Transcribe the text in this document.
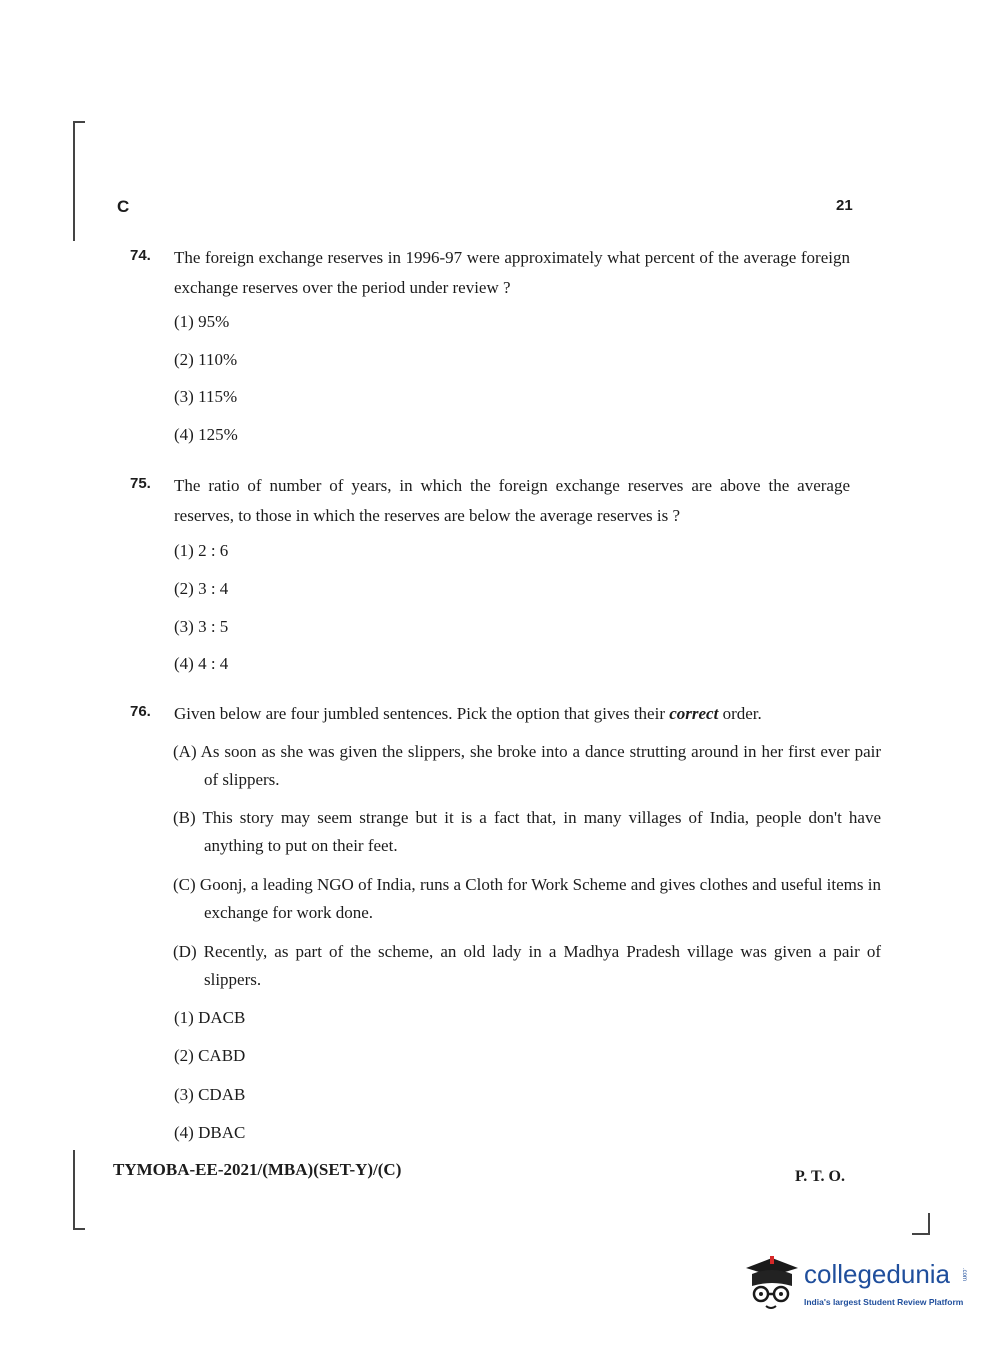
C	21
74. The foreign exchange reserves in 1996-97 were approximately what percent of the average foreign exchange reserves over the period under review ?
(1) 95%
(2) 110%
(3) 115%
(4) 125%
75. The ratio of number of years, in which the foreign exchange reserves are above the average reserves, to those in which the reserves are below the average reserves is ?
(1) 2 : 6
(2) 3 : 4
(3) 3 : 5
(4) 4 : 4
76. Given below are four jumbled sentences. Pick the option that gives their correct order.
(A) As soon as she was given the slippers, she broke into a dance strutting around in her first ever pair of slippers.
(B) This story may seem strange but it is a fact that, in many villages of India, people don't have anything to put on their feet.
(C) Goonj, a leading NGO of India, runs a Cloth for Work Scheme and gives clothes and useful items in exchange for work done.
(D) Recently, as part of the scheme, an old lady in a Madhya Pradesh village was given a pair of slippers.
(1) DACB
(2) CABD
(3) CDAB
(4) DBAC
TYMOBA-EE-2021/(MBA)(SET-Y)/(C)	P. T. O.
collegedunia .com
India's largest Student Review Platform
